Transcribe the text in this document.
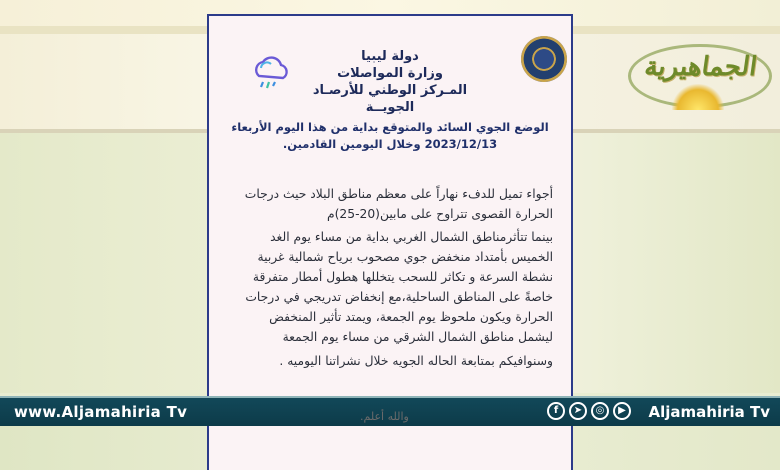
الجماهيرية
دولة ليبيا
وزارة المواصلات
المـركز الوطني للأرصـاد
الجويــة
الوضع الجوي السائد والمتوقع بداية من هذا اليوم الأربعاء
2023/12/13 وخلال اليومين القادمين.
أجواء تميل للدفء نهاراً على معظم مناطق البلاد حيث درجات الحرارة القصوى تتراوح على مابين(20-25)م
بينما تتأثرمناطق الشمال الغربي بداية من مساء يوم الغد الخميس بأمتداد منخفض جوي مصحوب برياح شمالية غربية نشطة السرعة و تكاثر للسحب يتخللها هطول أمطار متفرقة خاصةً على المناطق الساحلية،مع إنخفاض تدريجي في درجات الحرارة ويكون ملحوظ يوم الجمعة، ويمتد تأثير المنخفض ليشمل مناطق الشمال الشرقي من مساء يوم الجمعة
وسنوافيكم بمتابعة الحاله الجويه خلال نشراتنا اليوميه .
www.Aljamahiria Tv	f	➤	◎	▶	Aljamahiria Tv
والله أعلم.
